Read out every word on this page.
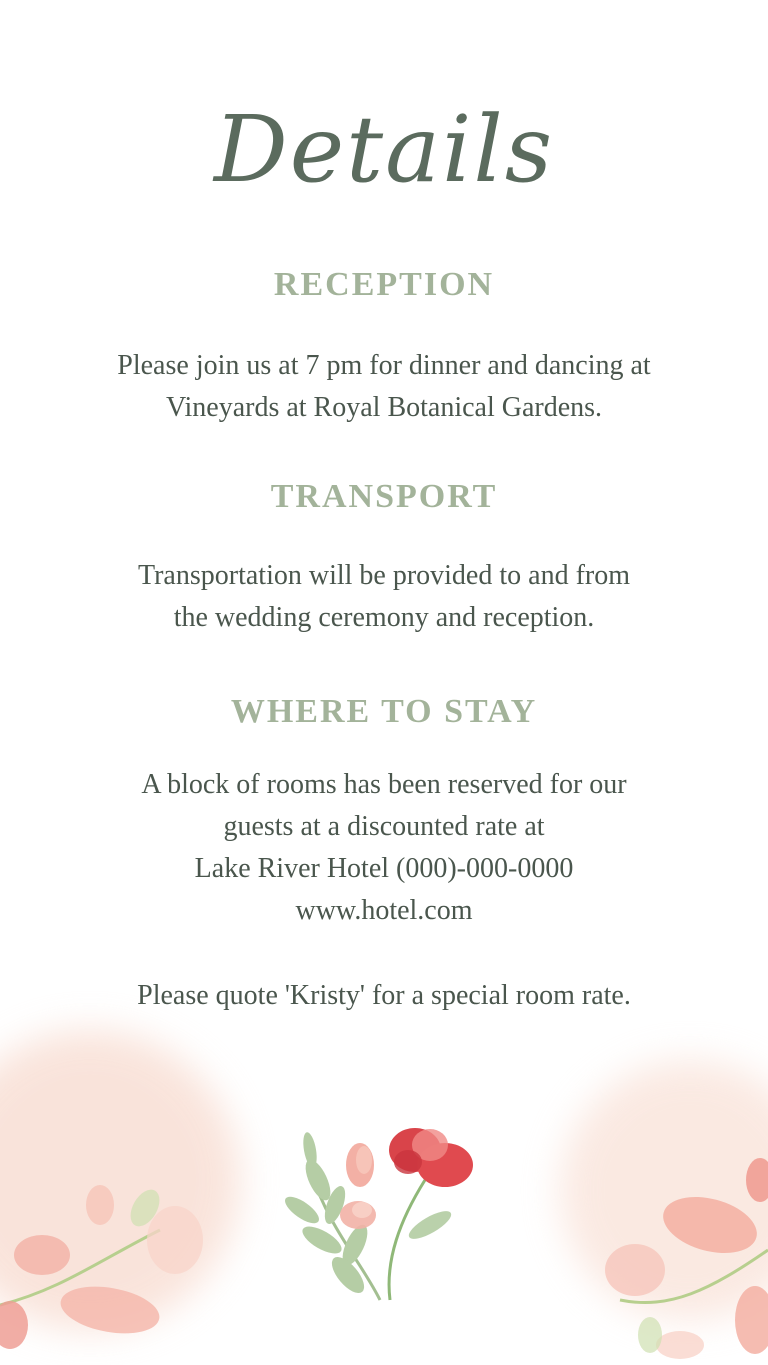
Details
RECEPTION
Please join us at 7 pm for dinner and dancing at
Vineyards at Royal Botanical Gardens.
TRANSPORT
Transportation will be provided to and from
the wedding ceremony and reception.
WHERE TO STAY
A block of rooms has been reserved for our
guests at a discounted rate at
Lake River Hotel (000)-000-0000
www.hotel.com
Please quote 'Kristy' for a special room rate.
